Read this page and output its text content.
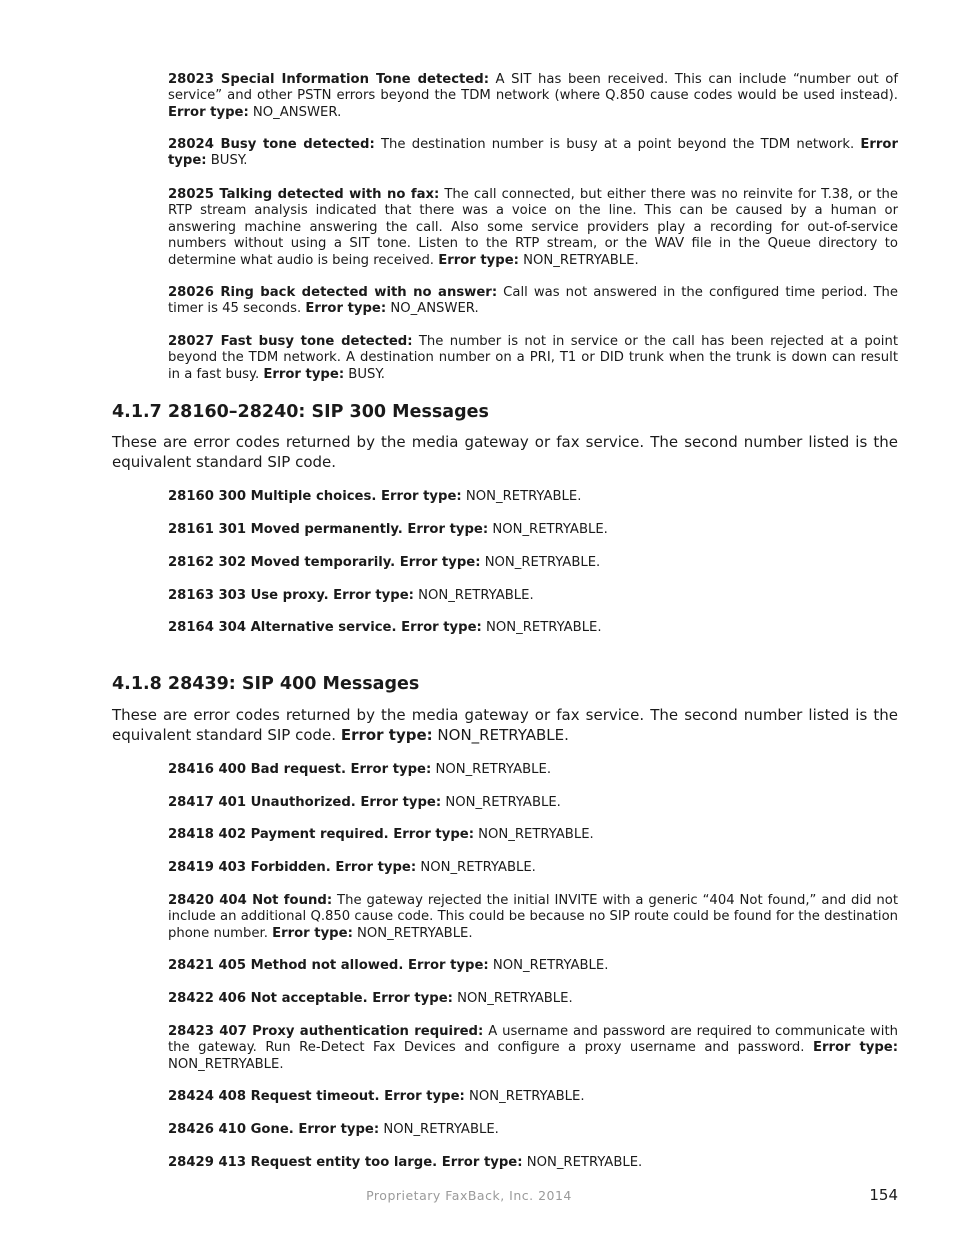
28023 Special Information Tone detected: A SIT has been received. This can include “number out of service” and other PSTN errors beyond the TDM network (where Q.850 cause codes would be used instead). Error type: NO_ANSWER.

28024 Busy tone detected: The destination number is busy at a point beyond the TDM network. Error type: BUSY.

28025 Talking detected with no fax: The call connected, but either there was no reinvite for T.38, or the RTP stream analysis indicated that there was a voice on the line. This can be caused by a human or answering machine answering the call. Also some service providers play a recording for out-of-service numbers without using a SIT tone. Listen to the RTP stream, or the WAV file in the Queue directory to determine what audio is being received. Error type: NON_RETRYABLE.

28026 Ring back detected with no answer: Call was not answered in the configured time period. The timer is 45 seconds. Error type: NO_ANSWER.

28027 Fast busy tone detected: The number is not in service or the call has been rejected at a point beyond the TDM network. A destination number on a PRI, T1 or DID trunk when the trunk is down can result in a fast busy. Error type: BUSY.

4.1.7 28160–28240: SIP 300 Messages

These are error codes returned by the media gateway or fax service. The second number listed is the equivalent standard SIP code.

28160 300 Multiple choices. Error type: NON_RETRYABLE.

28161 301 Moved permanently. Error type: NON_RETRYABLE.

28162 302 Moved temporarily. Error type: NON_RETRYABLE.

28163 303 Use proxy. Error type: NON_RETRYABLE.

28164 304 Alternative service. Error type: NON_RETRYABLE.

4.1.8 28439: SIP 400 Messages

These are error codes returned by the media gateway or fax service. The second number listed is the equivalent standard SIP code. Error type: NON_RETRYABLE.

28416 400 Bad request. Error type: NON_RETRYABLE.

28417 401 Unauthorized. Error type: NON_RETRYABLE.

28418 402 Payment required. Error type: NON_RETRYABLE.

28419 403 Forbidden. Error type: NON_RETRYABLE.

28420 404 Not found: The gateway rejected the initial INVITE with a generic “404 Not found,” and did not include an additional Q.850 cause code. This could be because no SIP route could be found for the destination phone number. Error type: NON_RETRYABLE.

28421 405 Method not allowed. Error type: NON_RETRYABLE.

28422 406 Not acceptable. Error type: NON_RETRYABLE.

28423 407 Proxy authentication required: A username and password are required to communicate with the gateway. Run Re-Detect Fax Devices and configure a proxy username and password. Error type: NON_RETRYABLE.

28424 408 Request timeout. Error type: NON_RETRYABLE.

28426 410 Gone. Error type: NON_RETRYABLE.

28429 413 Request entity too large. Error type: NON_RETRYABLE.

Proprietary FaxBack, Inc. 2014	154
